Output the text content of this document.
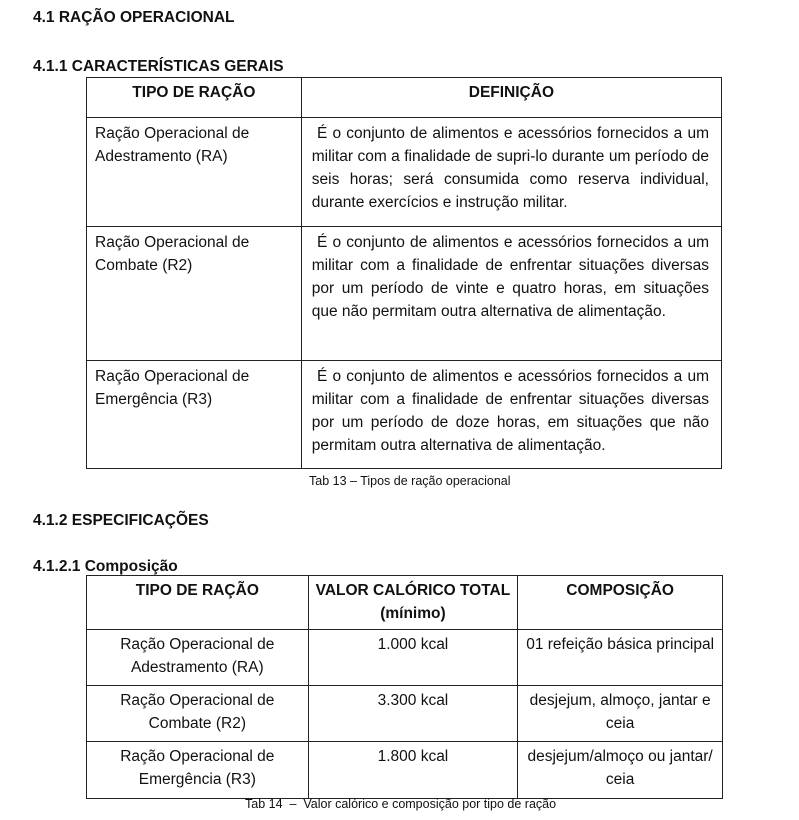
4.1 RAÇÃO OPERACIONAL
4.1.1 CARACTERÍSTICAS GERAIS
TIPO DE RAÇÃO	DEFINIÇÃO
Ração Operacional de Adestramento (RA)	É o conjunto de alimentos e acessórios fornecidos a um militar com a finalidade de supri-lo durante um período de seis horas; será consumida como reserva individual, durante exercícios e instrução militar.
Ração Operacional de Combate (R2)	É o conjunto de alimentos e acessórios fornecidos a um militar com a finalidade de enfrentar situações diversas por um período de vinte e quatro horas, em situações que não permitam outra alternativa de alimentação.
Ração Operacional de Emergência (R3)	É o conjunto de alimentos e acessórios fornecidos a um militar com a finalidade de enfrentar situações diversas por um período de doze horas, em situações que não permitam outra alternativa de alimentação.

Tab 13 – Tipos de ração operacional

4.1.2 ESPECIFICAÇÕES
4.1.2.1 Composição
TIPO DE RAÇÃO	VALOR CALÓRICO TOTAL (mínimo)	COMPOSIÇÃO
Ração Operacional de Adestramento (RA)	1.000 kcal	01 refeição básica principal
Ração Operacional de Combate (R2)	3.300 kcal	desjejum, almoço, jantar e ceia
Ração Operacional de Emergência (R3)	1.800 kcal	desjejum/almoço ou jantar/ ceia

Tab 14  –  Valor calórico e composição por tipo de ração
